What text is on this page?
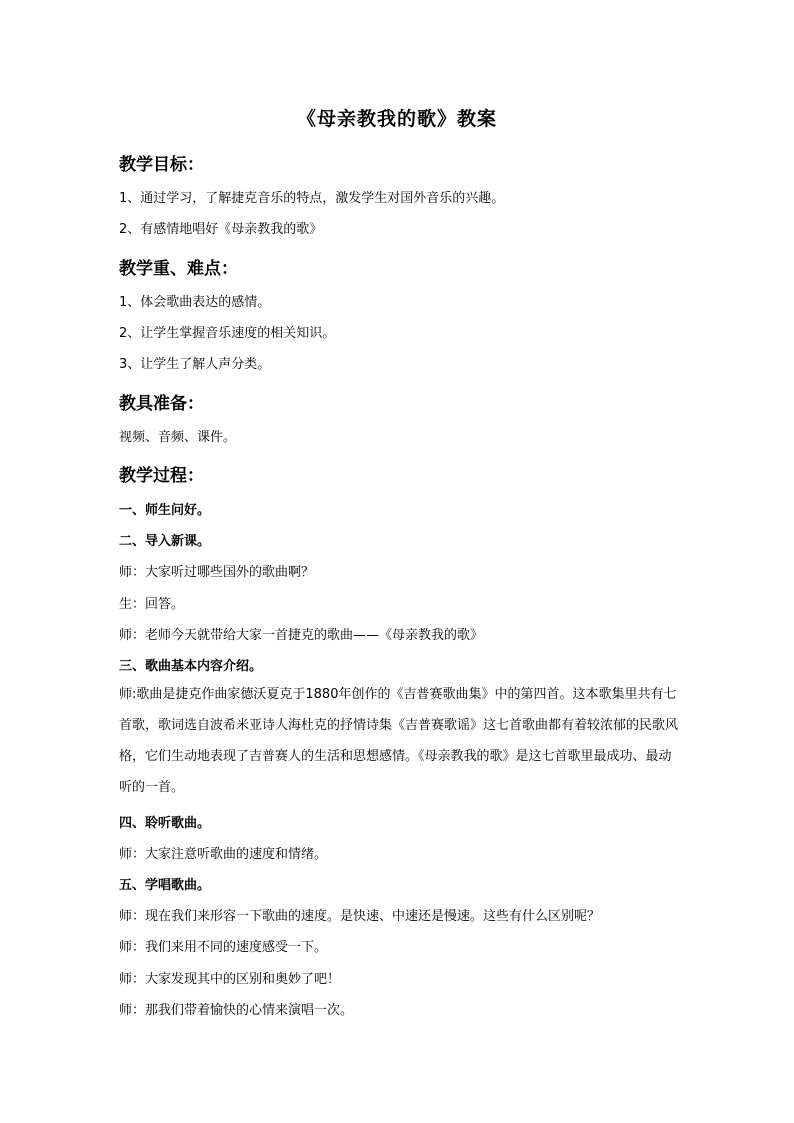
《母亲教我的歌》教案
教学目标：
1、通过学习，了解捷克音乐的特点，激发学生对国外音乐的兴趣。
2、有感情地唱好《母亲教我的歌》
教学重、难点：
1、体会歌曲表达的感情。
2、让学生掌握音乐速度的相关知识。
3、让学生了解人声分类。
教具准备：
视频、音频、课件。
教学过程：
一、师生问好。
二、导入新课。
师：大家听过哪些国外的歌曲啊？
生：回答。
师：老师今天就带给大家一首捷克的歌曲——《母亲教我的歌》
三、歌曲基本内容介绍。
师:歌曲是捷克作曲家德沃夏克于1880年创作的《吉普赛歌曲集》中的第四首。这本歌集里共有七首歌，歌词选自波希米亚诗人海杜克的抒情诗集《吉普赛歌谣》这七首歌曲都有着较浓郁的民歌风格，它们生动地表现了吉普赛人的生活和思想感情。《母亲教我的歌》是这七首歌里最成功、最动听的一首。
四、聆听歌曲。
师：大家注意听歌曲的速度和情绪。
五、学唱歌曲。
师：现在我们来形容一下歌曲的速度。是快速、中速还是慢速。这些有什么区别呢？
师：我们来用不同的速度感受一下。
师：大家发现其中的区别和奥妙了吧！
师：那我们带着愉快的心情来演唱一次。
